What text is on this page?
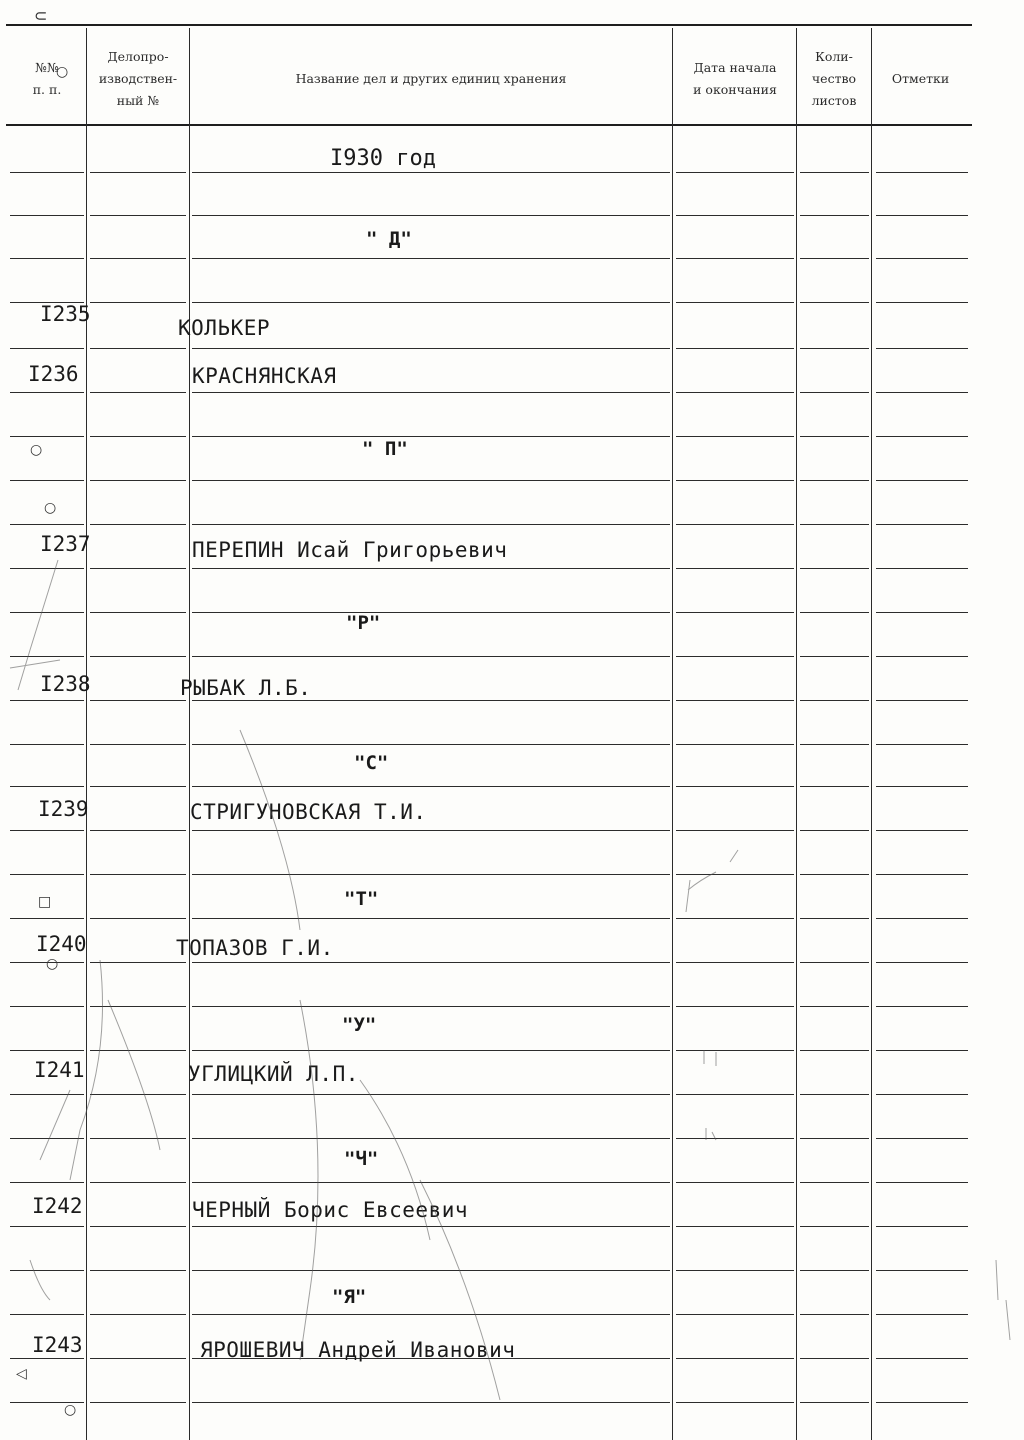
№№
п. п.
Делопро-
изводствен-
ный №
Название дел и других единиц хранения
Дата начала
и окончания
Коли-
чество
листов
Отметки
I930 год
" Д"
" П"
"Р"
"С"
"Т"
"У"
"Ч"
"Я"
I235
I236
I237
I238
I239
I240
I241
I242
I243
КОЛЬКЕР
КРАСНЯНСКАЯ
ПЕРЕПИН Исай Григорьевич
РЫБАК Л.Б.
СТРИГУНОВСКАЯ Т.И.
ТОПАЗОВ Г.И.
УГЛИЦКИЙ Л.П.
ЧЕРНЫЙ Борис Евсеевич
ЯРОШЕВИЧ Андрей Иванович
⊂
○
○
○
□
○
◁
○
